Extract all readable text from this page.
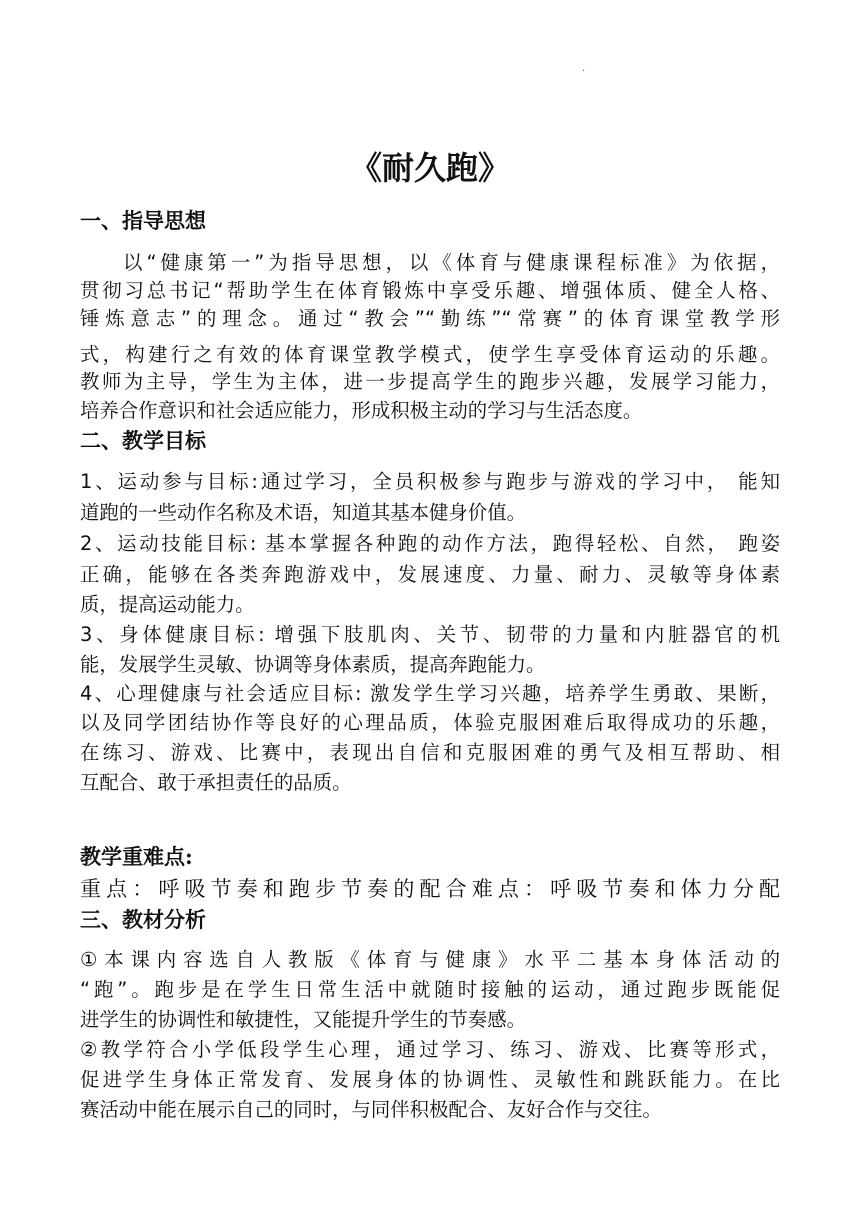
·
《耐久跑》
一、指导思想
以“健康第一”为指导思想，以《体育与健康课程标准》为依据，
贯彻习总书记“帮助学生在体育锻炼中享受乐趣、增强体质、健全人格、
锤炼意志”的理念。通过“教会”“勤练”“常赛”的体育课堂教学形
式，构建行之有效的体育课堂教学模式，使学生享受体育运动的乐趣。
教师为主导，学生为主体，进一步提高学生的跑步兴趣，发展学习能力，
培养合作意识和社会适应能力，形成积极主动的学习与生活态度。
二、教学目标
1、运动参与目标:通过学习，全员积极参与跑步与游戏的学习中， 能知
道跑的一些动作名称及术语，知道其基本健身价值。
2、运动技能目标: 基本掌握各种跑的动作方法，跑得轻松、自然， 跑姿
正确，能够在各类奔跑游戏中，发展速度、力量、耐力、灵敏等身体素
质，提高运动能力。
3、身体健康目标: 增强下肢肌肉、关节、韧带的力量和内脏器官的机
能，发展学生灵敏、协调等身体素质，提高奔跑能力。
4、心理健康与社会适应目标: 激发学生学习兴趣，培养学生勇敢、果断，
以及同学团结协作等良好的心理品质，体验克服困难后取得成功的乐趣，
在练习、游戏、比赛中，表现出自信和克服困难的勇气及相互帮助、相
互配合、敢于承担责任的品质。
教学重难点:
重点：呼吸节奏和跑步节奏的配合难点：呼吸节奏和体力分配
三、教材分析
①本课内容选自人教版《体育与健康》水平二基本身体活动的
“跑”。跑步是在学生日常生活中就随时接触的运动，通过跑步既能促
进学生的协调性和敏捷性，又能提升学生的节奏感。
②教学符合小学低段学生心理，通过学习、练习、游戏、比赛等形式，
促进学生身体正常发育、发展身体的协调性、灵敏性和跳跃能力。在比
赛活动中能在展示自己的同时，与同伴积极配合、友好合作与交往。
